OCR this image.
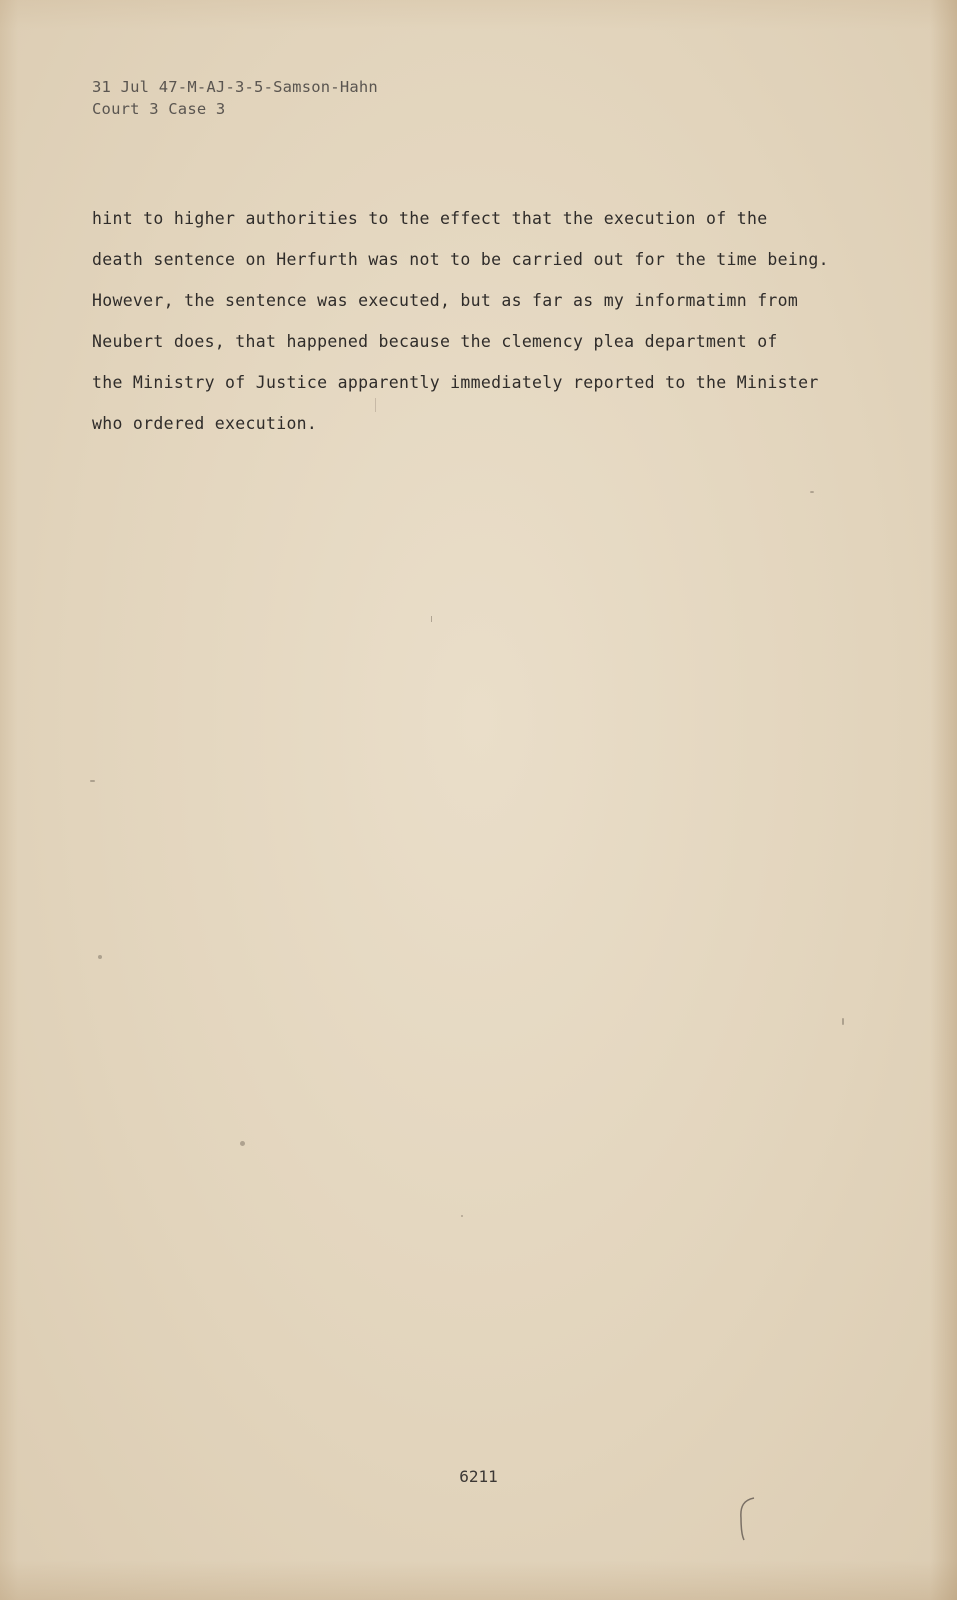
31 Jul 47-M-AJ-3-5-Samson-Hahn
Court 3 Case 3
hint to higher authorities to the effect that the execution of the
death sentence on Herfurth was not to be carried out for the time being.
However, the sentence was executed, but as far as my informatimn from
Neubert does, that happened because the clemency plea department of
the Ministry of Justice apparently immediately reported to the Minister
who ordered execution.
6211
